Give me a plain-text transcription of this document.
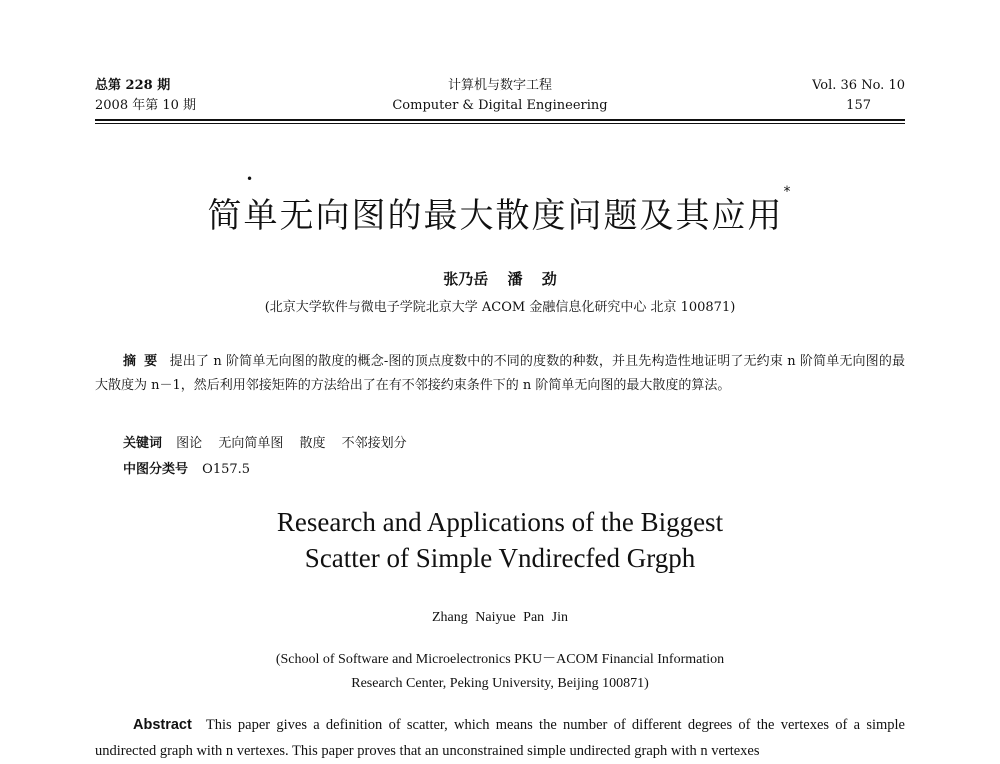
总第 228 期
2008 年第 10 期
计算机与数字工程
Computer & Digital Engineering
Vol. 36 No. 10
157
•
简单无向图的最大散度问题及其应用*
张乃岳 潘 劲
(北京大学软件与微电子学院北京大学 ACOM 金融信息化研究中心 北京 100871)
摘要 提出了 n 阶简单无向图的散度的概念-图的顶点度数中的不同的度数的种数，并且先构造性地证明了无约束 n 阶简单无向图的最大散度为 n－1，然后利用邻接矩阵的方法给出了在有不邻接约束条件下的 n 阶简单无向图的最大散度的算法。
关键词 图论 无向简单图 散度 不邻接划分
中图分类号 O157.5
Research and Applications of the Biggest
Scatter of Simple Vndirecfed Grgph
Zhang Naiyue Pan Jin
(School of Software and Microelectronics PKU－ACOM Financial Information
Research Center, Peking University, Beijing 100871)
Abstract This paper gives a definition of scatter, which means the number of different degrees of the vertexes of a simple undirected graph with n vertexes. This paper proves that an unconstrained simple undirected graph with n vertexes
